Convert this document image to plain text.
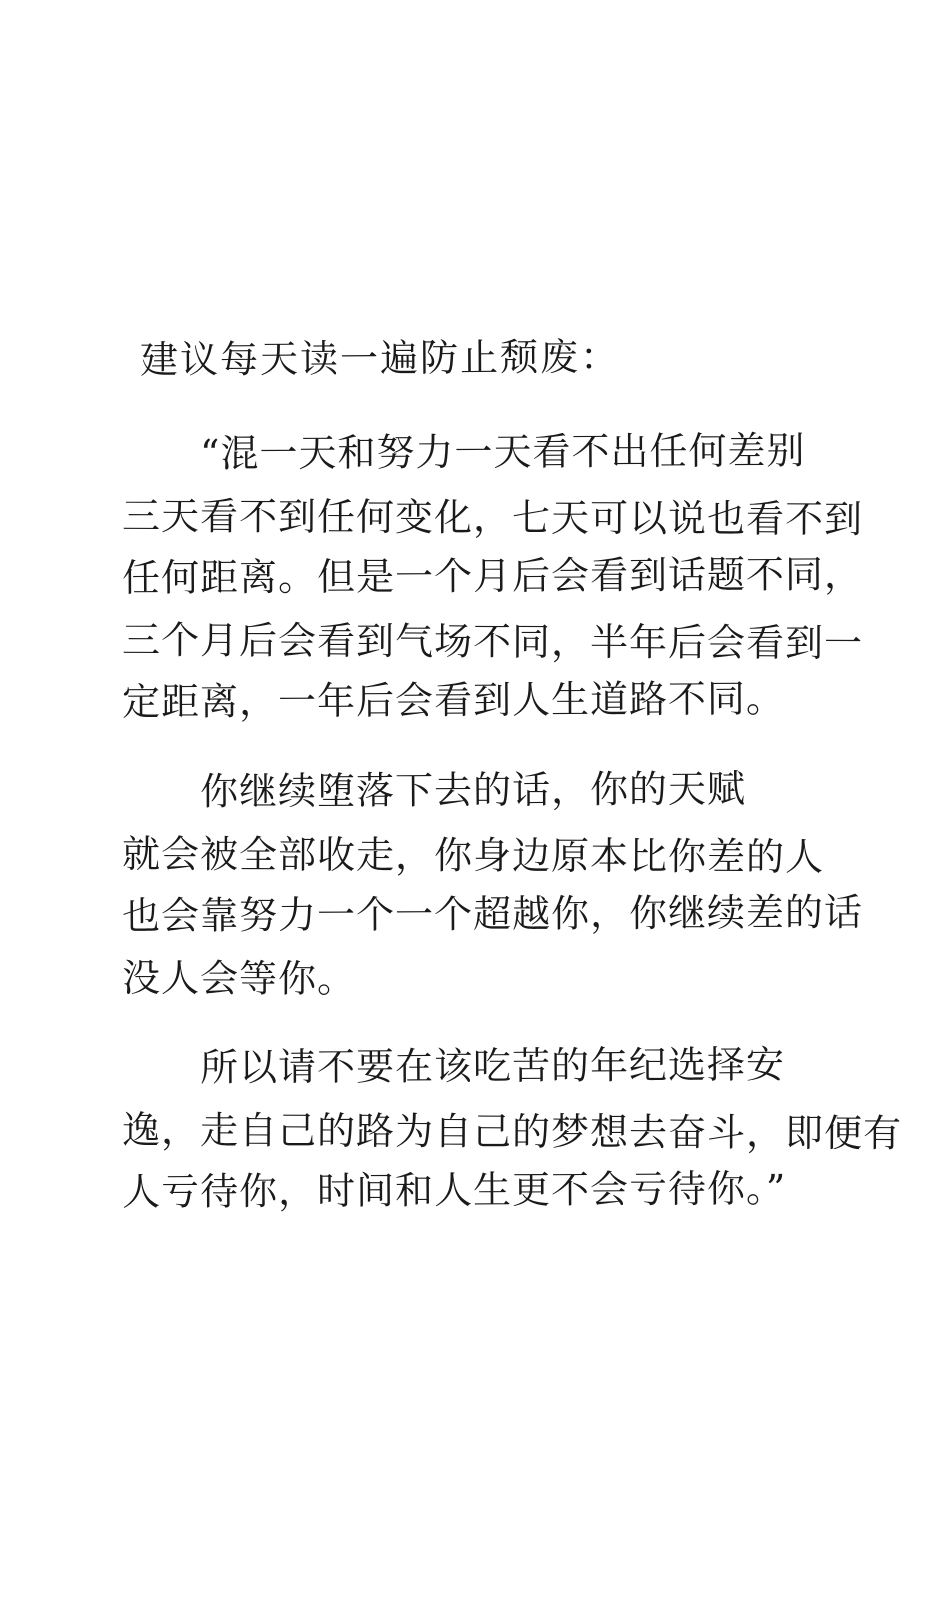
建议每天读一遍防止颓废：
“混一天和努力一天看不出任何差别
三天看不到任何变化，七天可以说也看不到
任何距离。但是一个月后会看到话题不同，
三个月后会看到气场不同，半年后会看到一
定距离，一年后会看到人生道路不同。
你继续堕落下去的话，你的天赋
就会被全部收走，你身边原本比你差的人
也会靠努力一个一个超越你，你继续差的话
没人会等你。
所以请不要在该吃苦的年纪选择安
逸，走自己的路为自己的梦想去奋斗，即便有
人亏待你，时间和人生更不会亏待你。”
